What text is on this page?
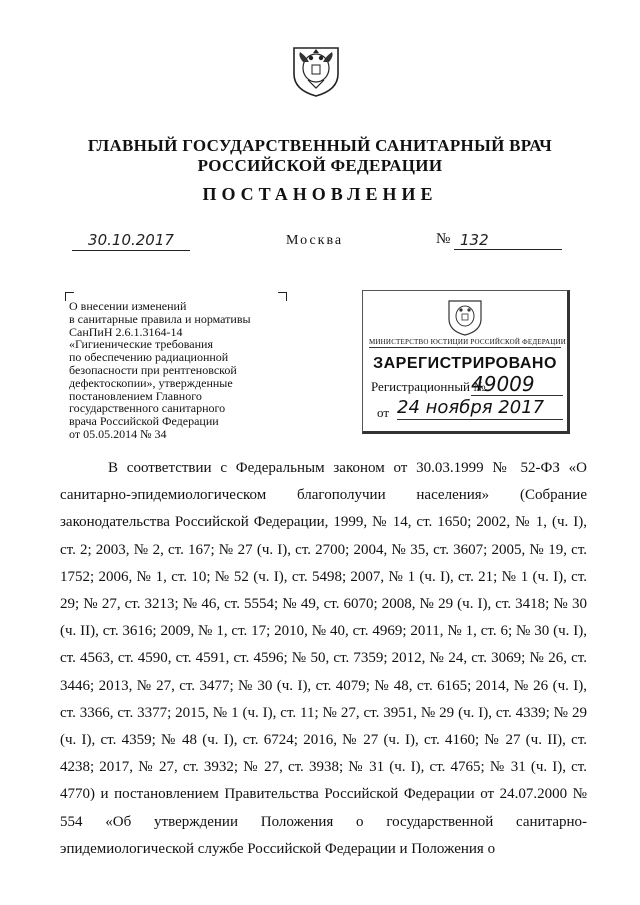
ГЛАВНЫЙ ГОСУДАРСТВЕННЫЙ САНИТАРНЫЙ ВРАЧ
РОССИЙСКОЙ ФЕДЕРАЦИИ
ПОСТАНОВЛЕНИЕ
30.10.2017	Москва	№ 132
О внесении изменений
в санитарные правила и нормативы
СанПиН 2.6.1.3164-14
«Гигиенические требования
по обеспечению радиационной
безопасности при рентгеновской
дефектоскопии», утвержденные
постановлением Главного
государственного санитарного
врача Российской Федерации
от 05.05.2014 № 34
МИНИСТЕРСТВО ЮСТИЦИИ РОССИЙСКОЙ ФЕДЕРАЦИИ
ЗАРЕГИСТРИРОВАНО
Регистрационный №
49009
от 24 ноября 2017

В соответствии с Федеральным законом от 30.03.1999 № 52-ФЗ «О санитарно-эпидемиологическом благополучии населения» (Собрание законодательства Российской Федерации, 1999, № 14, ст. 1650; 2002, № 1, (ч. I), ст. 2; 2003, № 2, ст. 167; № 27 (ч. I), ст. 2700; 2004, № 35, ст. 3607; 2005, № 19, ст. 1752; 2006, № 1, ст. 10; № 52 (ч. I), ст. 5498; 2007, № 1 (ч. I), ст. 21; № 1 (ч. I), ст. 29; № 27, ст. 3213; № 46, ст. 5554; № 49, ст. 6070; 2008, № 29 (ч. I), ст. 3418; № 30 (ч. II), ст. 3616; 2009, № 1, ст. 17; 2010, № 40, ст. 4969; 2011, № 1, ст. 6; № 30 (ч. I), ст. 4563, ст. 4590, ст. 4591, ст. 4596; № 50, ст. 7359; 2012, № 24, ст. 3069; № 26, ст. 3446; 2013, № 27, ст. 3477; № 30 (ч. I), ст. 4079; № 48, ст. 6165; 2014, № 26 (ч. I), ст. 3366, ст. 3377; 2015, № 1 (ч. I), ст. 11; № 27, ст. 3951, № 29 (ч. I), ст. 4339; № 29 (ч. I), ст. 4359; № 48 (ч. I), ст. 6724; 2016, № 27 (ч. I), ст. 4160; № 27 (ч. II), ст. 4238; 2017, № 27, ст. 3932; № 27, ст. 3938; № 31 (ч. I), ст. 4765; № 31 (ч. I), ст. 4770) и постановлением Правительства Российской Федерации от 24.07.2000 № 554 «Об утверждении Положения о государственной санитарно-эпидемиологической службе Российской Федерации и Положения о
